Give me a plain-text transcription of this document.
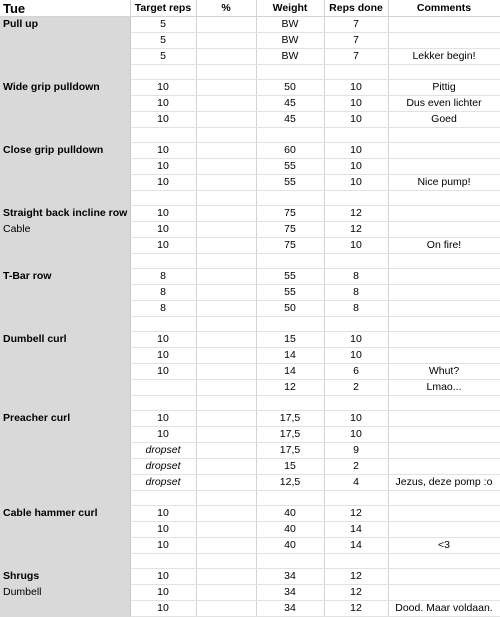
Tue	Target reps	%	Weight	Reps done	Comments
Pull up	5		BW	7	
	5		BW	7	
	5		BW	7	Lekker begin!

Wide grip pulldown	10		50	10	Pittig
	10		45	10	Dus even lichter
	10		45	10	Goed

Close grip pulldown	10		60	10	
	10		55	10	
	10		55	10	Nice pump!

Straight back incline row	10		75	12	
Cable	10		75	12	
	10		75	10	On fire!

T-Bar row	8		55	8	
	8		55	8	
	8		50	8	

Dumbell curl	10		15	10	
	10		14	10	
	10		14	6	Whut?
			12	2	Lmao...

Preacher curl	10		17,5	10	
	10		17,5	10	
	dropset		17,5	9	
	dropset		15	2	
	dropset		12,5	4	Jezus, deze pomp :o

Cable hammer curl	10		40	12	
	10		40	14	
	10		40	14	<3

Shrugs	10		34	12	
Dumbell	10		34	12	
	10		34	12	Dood. Maar voldaan.
